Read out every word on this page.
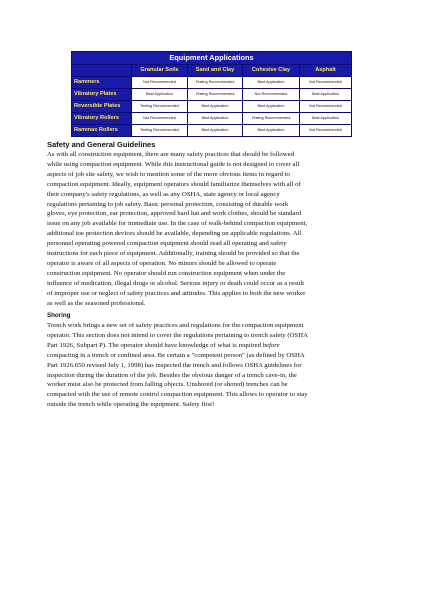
Equipment Applications				
	Granular Soils	Sand and Clay	Cohesive Clay	Asphalt
Rammers	Not Recommended	Testing Recommended	Best Application	Not Recommended
Vibratory Plates	Best Application	Testing Recommended	Not Recommended	Best Application
Reversible Plates	Testing Recommended	Best Application	Best Application	Not Recommended
Vibratory Rollers	Not Recommended	Best Application	Testing Recommended	Best Application
Rammax Rollers	Testing Recommended	Best Application	Best Application	Not Recommended
Safety and General Guidelines
As with all construction equipment, there are many safety practices that should be followed
while using compaction equipment. While this instructional guide is not designed to cover all
aspects of job site safety, we wish to mention some of the more obvious items in regard to
compaction equipment. Ideally, equipment operators should familiarize themselves with all of
their company's safety regulations, as well as any OSHA, state agency or local agency
regulations pertaining to job safety. Basic personal protection, consisting of durable work
gloves, eye protection, ear protection, approved hard hat and work clothes, should be standard
issue on any job available for immediate use. In the case of walk-behind compaction equipment,
additional toe protection devices should be available, depending on applicable regulations. All
personnel operating powered compaction equipment should read all operating and safety
instructions for each piece of equipment. Additionally, training should be provided so that the
operator is aware of all aspects of operation. No minors should be allowed to operate
construction equipment. No operator should run construction equipment when under the
influence of medication, illegal drugs or alcohol. Serious injury or death could occur as a result
of improper use or neglect of safety practices and attitudes. This applies to both the new worker
as well as the seasoned professional.
Shoring
Trench work brings a new set of safety practices and regulations for the compaction equipment
operator. This section does not intend to cover the regulations pertaining to trench safety (OSHA
Part 1926, Subpart P). The operator should have knowledge of what is required before
compacting in a trench or confined area. Be certain a "competent person" (as defined by OSHA
Part 1926.650 revised July 1, 1998) has inspected the trench and follows OSHA guidelines for
inspection during the duration of the job. Besides the obvious danger of a trench cave-in, the
worker must also be protected from falling objects. Unshored (or shored) trenches can be
compacted with the use of remote control compaction equipment. This allows to operator to stay
outside the trench while operating the equipment. Safety first!
